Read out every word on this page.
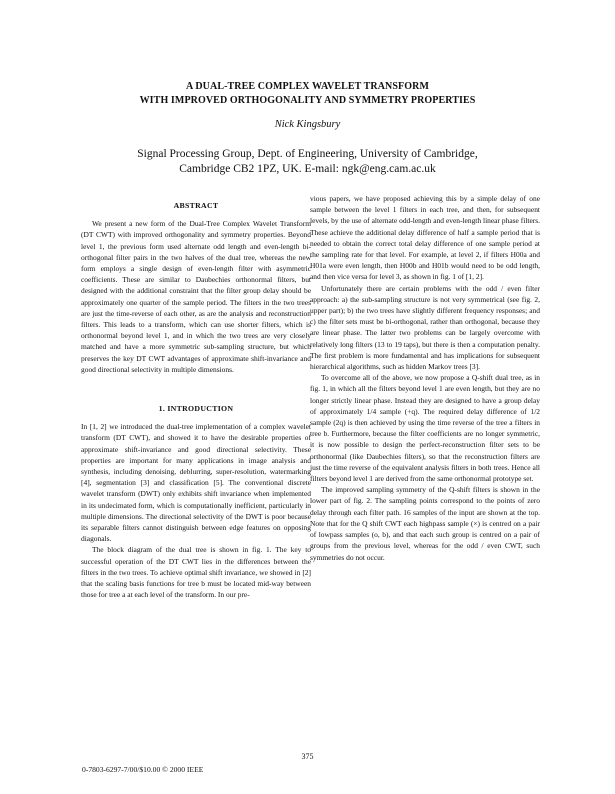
A DUAL-TREE COMPLEX WAVELET TRANSFORM
WITH IMPROVED ORTHOGONALITY AND SYMMETRY PROPERTIES
Nick Kingsbury
Signal Processing Group, Dept. of Engineering, University of Cambridge,
Cambridge CB2 1PZ, UK. E-mail: ngk@eng.cam.ac.uk
ABSTRACT

We present a new form of the Dual-Tree Complex Wavelet Transform (DT CWT) with improved orthogonality and symmetry properties. Beyond level 1, the previous form used alternate odd length and even-length bi-orthogonal filter pairs in the two halves of the dual tree, whereas the new form employs a single design of even-length filter with asymmetric coefficients. These are similar to Daubechies orthonormal filters, but designed with the additional constraint that the filter group delay should be approximately one quarter of the sample period. The filters in the two trees are just the time-reverse of each other, as are the analysis and reconstruction filters. This leads to a transform, which can use shorter filters, which is orthonormal beyond level 1, and in which the two trees are very closely matched and have a more symmetric sub-sampling structure, but which preserves the key DT CWT advantages of approximate shift-invariance and good directional selectivity in multiple dimensions.

1. INTRODUCTION

In [1, 2] we introduced the dual-tree implementation of a complex wavelet transform (DT CWT), and showed it to have the desirable properties of approximate shift-invariance and good directional selectivity. These properties are important for many applications in image analysis and synthesis, including denoising, deblurring, super-resolution, watermarking [4], segmentation [3] and classification [5]. The conventional discrete wavelet transform (DWT) only exhibits shift invariance when implemented in its undecimated form, which is computationally inefficient, particularly in multiple dimensions. The directional selectivity of the DWT is poor because its separable filters cannot distinguish between edge features on opposing diagonals.

The block diagram of the dual tree is shown in fig. 1. The key to successful operation of the DT CWT lies in the differences between the filters in the two trees. To achieve optimal shift invariance, we showed in [2] that the scaling basis functions for tree b must be located mid-way between those for tree a at each level of the transform. In our pre-

vious papers, we have proposed achieving this by a simple delay of one sample between the level 1 filters in each tree, and then, for subsequent levels, by the use of alternate odd-length and even-length linear phase filters. These achieve the additional delay difference of half a sample period that is needed to obtain the correct total delay difference of one sample period at the sampling rate for that level. For example, at level 2, if filters H00a and H01a were even length, then H00b and H01b would need to be odd length, and then vice versa for level 3, as shown in fig. 1 of [1, 2].

Unfortunately there are certain problems with the odd / even filter approach: a) the sub-sampling structure is not very symmetrical (see fig. 2, upper part); b) the two trees have slightly different frequency responses; and c) the filter sets must be bi-orthogonal, rather than orthogonal, because they are linear phase. The latter two problems can be largely overcome with relatively long filters (13 to 19 taps), but there is then a computation penalty. The first problem is more fundamental and has implications for subsequent hierarchical algorithms, such as hidden Markov trees [3].

To overcome all of the above, we now propose a Q-shift dual tree, as in fig. 1, in which all the filters beyond level 1 are even length, but they are no longer strictly linear phase. Instead they are designed to have a group delay of approximately 1/4 sample (+q). The required delay difference of 1/2 sample (2q) is then achieved by using the time reverse of the tree a filters in tree b. Furthermore, because the filter coefficients are no longer symmetric, it is now possible to design the perfect-reconstruction filter sets to be orthonormal (like Daubechies filters), so that the reconstruction filters are just the time reverse of the equivalent analysis filters in both trees. Hence all filters beyond level 1 are derived from the same orthonormal prototype set.

The improved sampling symmetry of the Q-shift filters is shown in the lower part of fig. 2. The sampling points correspond to the points of zero delay through each filter path. 16 samples of the input are shown at the top. Note that for the Q shift CWT each highpass sample (×) is centred on a pair of lowpass samples (o, b), and that each such group is centred on a pair of groups from the previous level, whereas for the odd / even CWT, such symmetries do not occur.

375
0-7803-6297-7/00/$10.00 © 2000 IEEE
